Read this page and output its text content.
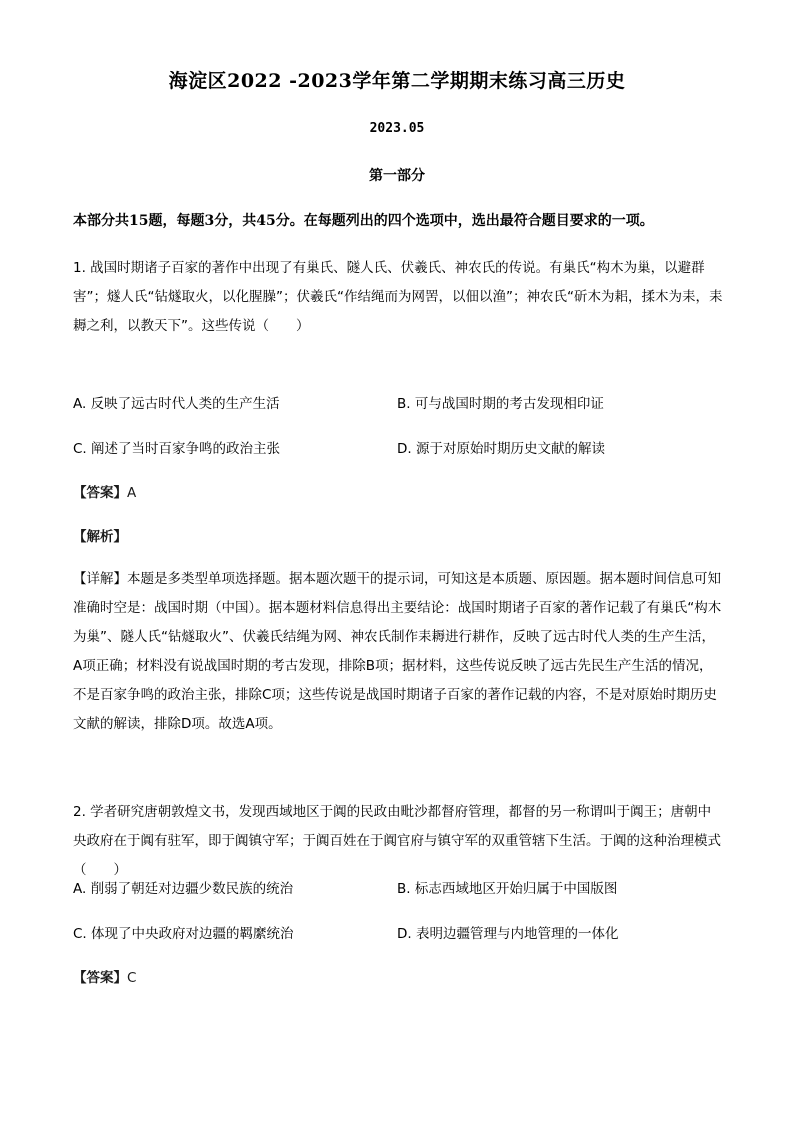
海淀区2022 -2023学年第二学期期末练习高三历史
2023.05
第一部分
本部分共15题，每题3分，共45分。在每题列出的四个选项中，选出最符合题目要求的一项。
1. 战国时期诸子百家的著作中出现了有巢氏、隧人氏、伏羲氏、神农氏的传说。有巢氏“构木为巢，以避群害”；燧人氏“钻燧取火，以化腥臊”；伏羲氏“作结绳而为网罟，以佃以渔”；神农氏“斫木为耜，揉木为耒，耒耨之利，以教天下”。这些传说（　　）
A. 反映了远古时代人类的生产生活	B. 可与战国时期的考古发现相印证
C. 阐述了当时百家争鸣的政治主张	D. 源于对原始时期历史文献的解读
【答案】A
【解析】
【详解】本题是多类型单项选择题。据本题次题干的提示词，可知这是本质题、原因题。据本题时间信息可知准确时空是：战国时期（中国）。据本题材料信息得出主要结论：战国时期诸子百家的著作记载了有巢氏“构木为巢”、隧人氏“钻燧取火”、伏羲氏结绳为网、神农氏制作耒耨进行耕作，反映了远古时代人类的生产生活，A项正确；材料没有说战国时期的考古发现，排除B项；据材料，这些传说反映了远古先民生产生活的情况，不是百家争鸣的政治主张，排除C项；这些传说是战国时期诸子百家的著作记载的内容，不是对原始时期历史文献的解读，排除D项。故选A项。
2. 学者研究唐朝敦煌文书，发现西域地区于阗的民政由毗沙都督府管理，都督的另一称谓叫于阗王；唐朝中央政府在于阗有驻军，即于阗镇守军；于阗百姓在于阗官府与镇守军的双重管辖下生活。于阗的这种治理模式（　　）
A. 削弱了朝廷对边疆少数民族的统治	B. 标志西域地区开始归属于中国版图
C. 体现了中央政府对边疆的羁縻统治	D. 表明边疆管理与内地管理的一体化
【答案】C
